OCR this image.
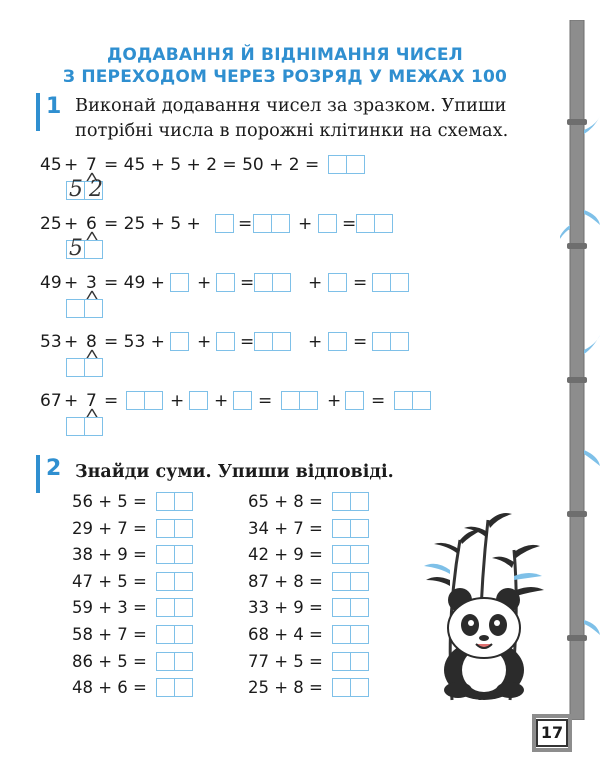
ДОДАВАННЯ Й ВІДНІМАННЯ ЧИСЕЛ
З ПЕРЕХОДОМ ЧЕРЕЗ РОЗРЯД У МЕЖАХ 100
1 Виконай додавання чисел за зразком. Упиши
потрібні числа в порожні клітинки на схемах.
45 + 7 = 45 + 5 + 2 = 50 + 2 =
5 2
25 + 6 = 25 + 5 + =	+ =
5
49 + 3 = 49 + + =	+ =
53 + 8 = 53 + + =	+ =
67 + 7 =	+ + =	+ =
2 Знайди суми. Упиши відповіді.
56 + 5 =
29 + 7 =
38 + 9 =
47 + 5 =
59 + 3 =
58 + 7 =
86 + 5 =
48 + 6 =
65 + 8 =
34 + 7 =
42 + 9 =
87 + 8 =
33 + 9 =
68 + 4 =
77 + 5 =
25 + 8 =
17
